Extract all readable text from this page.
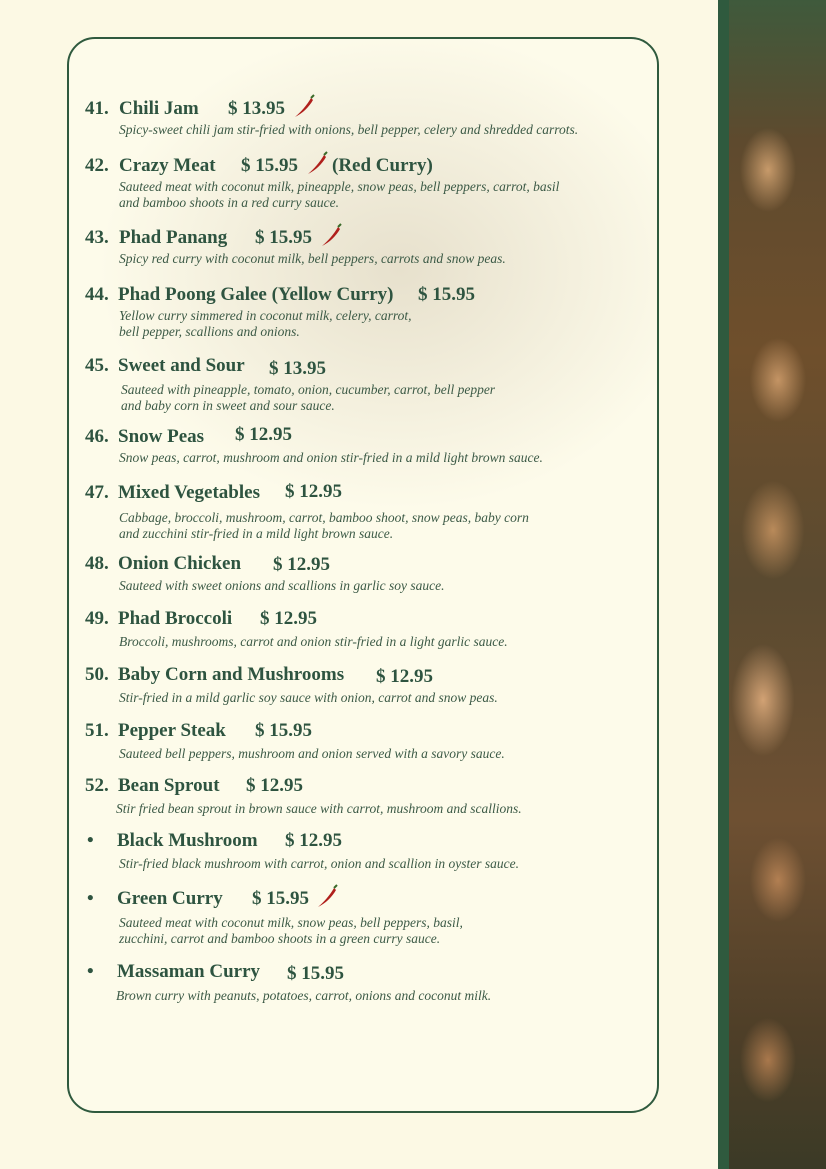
41. Chili Jam $ 13.95
Spicy-sweet chili jam stir-fried with onions, bell pepper, celery and shredded carrots.
42. Crazy Meat $ 15.95 (Red Curry)
Sauteed meat with coconut milk, pineapple, snow peas, bell peppers, carrot, basil
and bamboo shoots in a red curry sauce.
43. Phad Panang $ 15.95
Spicy red curry with coconut milk, bell peppers, carrots and snow peas.
44. Phad Poong Galee (Yellow Curry) $ 15.95
Yellow curry simmered in coconut milk, celery, carrot,
bell pepper, scallions and onions.
45. Sweet and Sour $ 13.95
Sauteed with pineapple, tomato, onion, cucumber, carrot, bell pepper
and baby corn in sweet and sour sauce.
46. Snow Peas $ 12.95
Snow peas, carrot, mushroom and onion stir-fried in a mild light brown sauce.
47. Mixed Vegetables $ 12.95
Cabbage, broccoli, mushroom, carrot, bamboo shoot, snow peas, baby corn
and zucchini stir-fried in a mild light brown sauce.
48. Onion Chicken $ 12.95
Sauteed with sweet onions and scallions in garlic soy sauce.
49. Phad Broccoli $ 12.95
Broccoli, mushrooms, carrot and onion stir-fried in a light garlic sauce.
50. Baby Corn and Mushrooms $ 12.95
Stir-fried in a mild garlic soy sauce with onion, carrot and snow peas.
51. Pepper Steak $ 15.95
Sauteed bell peppers, mushroom and onion served with a savory sauce.
52. Bean Sprout $ 12.95
Stir fried bean sprout in brown sauce with carrot, mushroom and scallions.
• Black Mushroom $ 12.95
Stir-fried black mushroom with carrot, onion and scallion in oyster sauce.
• Green Curry $ 15.95
Sauteed meat with coconut milk, snow peas, bell peppers, basil,
zucchini, carrot and bamboo shoots in a green curry sauce.
• Massaman Curry $ 15.95
Brown curry with peanuts, potatoes, carrot, onions and coconut milk.
